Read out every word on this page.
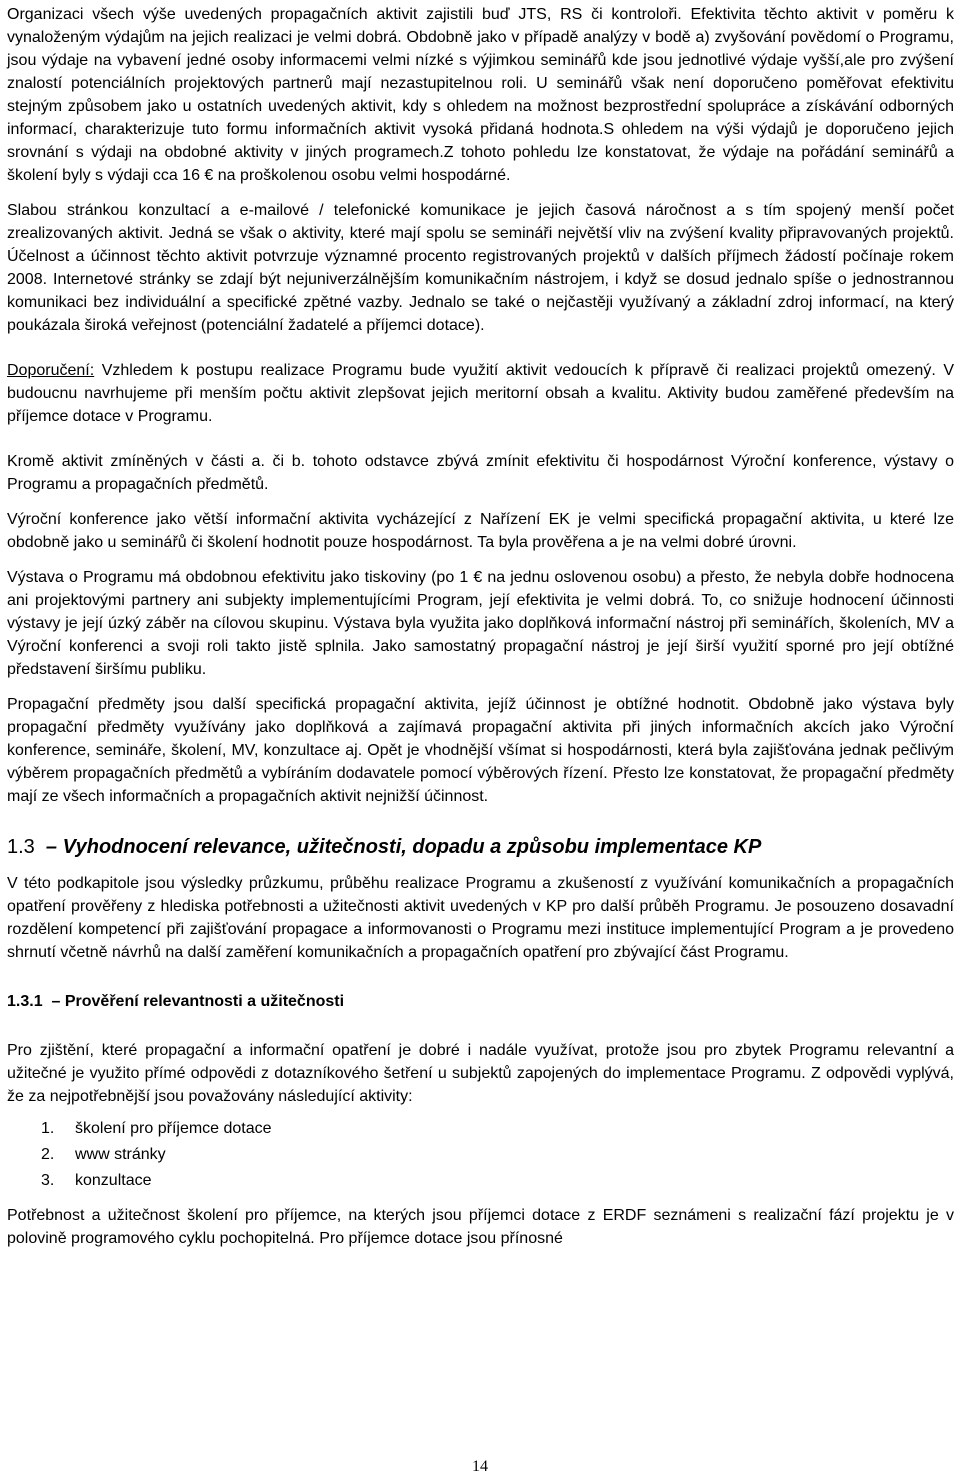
Organizaci všech výše uvedených propagačních aktivit zajistili buď JTS, RS či kontroloři. Efektivita těchto aktivit v poměru k vynaloženým výdajům na jejich realizaci je velmi dobrá. Obdobně jako v případě analýzy v bodě a) zvyšování povědomí o Programu, jsou výdaje na vybavení jedné osoby informacemi velmi nízké s výjimkou seminářů kde jsou jednotlivé výdaje vyšší,ale pro zvýšení znalostí potenciálních projektových partnerů mají nezastupitelnou roli. U seminářů však není doporučeno poměřovat efektivitu stejným způsobem jako u ostatních uvedených aktivit, kdy s ohledem na možnost bezprostřední spolupráce a získávání odborných informací, charakterizuje tuto formu informačních aktivit vysoká přidaná hodnota.S ohledem na výši výdajů je doporučeno jejich srovnání s výdaji na obdobné aktivity v jiných programech.Z tohoto pohledu lze konstatovat, že výdaje na pořádání seminářů a školení byly s výdaji cca 16 € na proškolenou osobu velmi hospodárné.

Slabou stránkou konzultací a e-mailové / telefonické komunikace je jejich časová náročnost a s tím spojený menší počet zrealizovaných aktivit. Jedná se však o aktivity, které mají spolu se semináři největší vliv na zvýšení kvality připravovaných projektů. Účelnost a účinnost těchto aktivit potvrzuje významné procento registrovaných projektů v dalších příjmech žádostí počínaje rokem 2008. Internetové stránky se zdají být nejuniverzálnějším komunikačním nástrojem, i když se dosud jednalo spíše o jednostrannou komunikaci bez individuální a specifické zpětné vazby. Jednalo se také o nejčastěji využívaný a základní zdroj informací, na který poukázala široká veřejnost (potenciální žadatelé a příjemci dotace).

Doporučení: Vzhledem k postupu realizace Programu bude využití aktivit vedoucích k přípravě či realizaci projektů omezený. V budoucnu navrhujeme při menším počtu aktivit zlepšovat jejich meritorní obsah a kvalitu. Aktivity budou zaměřené především na příjemce dotace v Programu.

Kromě aktivit zmíněných v části a. či b. tohoto odstavce zbývá zmínit efektivitu či hospodárnost Výroční konference, výstavy o Programu a propagačních předmětů.

Výroční konference jako větší informační aktivita vycházející z Nařízení EK je velmi specifická propagační aktivita, u které lze obdobně jako u seminářů či školení hodnotit pouze hospodárnost. Ta byla prověřena a je na velmi dobré úrovni.

Výstava o Programu má obdobnou efektivitu jako tiskoviny (po 1 € na jednu oslovenou osobu) a přesto, že nebyla dobře hodnocena ani projektovými partnery ani subjekty implementujícími Program, její efektivita je velmi dobrá. To, co snižuje hodnocení účinnosti výstavy je její úzký záběr na cílovou skupinu. Výstava byla využita jako doplňková informační nástroj při seminářích, školeních, MV a Výroční konferenci a svoji roli takto jistě splnila. Jako samostatný propagační nástroj je její širší využití sporné pro její obtížné představení širšímu publiku.

Propagační předměty jsou další specifická propagační aktivita, jejíž účinnost je obtížné hodnotit. Obdobně jako výstava byly propagační předměty využívány jako doplňková a zajímavá propagační aktivita při jiných informačních akcích jako Výroční konference, semináře, školení, MV, konzultace aj. Opět je vhodnější všímat si hospodárnosti, která byla zajišťována jednak pečlivým výběrem propagačních předmětů a vybíráním dodavatele pomocí výběrových řízení. Přesto lze konstatovat, že propagační předměty mají ze všech informačních a propagačních aktivit nejnižší účinnost.

1.3  – Vyhodnocení relevance, užitečnosti, dopadu a způsobu implementace KP

V této podkapitole jsou výsledky průzkumu, průběhu realizace Programu a zkušeností z využívání komunikačních a propagačních opatření prověřeny z hlediska potřebnosti a užitečnosti aktivit uvedených v KP pro další průběh Programu. Je posouzeno dosavadní rozdělení kompetencí při zajišťování propagace a informovanosti o Programu mezi instituce implementující Program a je provedeno shrnutí včetně návrhů na další zaměření komunikačních a propagačních opatření pro zbývající část Programu.

1.3.1  – Prověření relevantnosti a užitečnosti

Pro zjištění, které propagační a informační opatření je dobré i nadále využívat, protože jsou pro zbytek Programu relevantní a užitečné je využito přímé odpovědi z dotazníkového šetření u subjektů zapojených do implementace Programu. Z odpovědi vyplývá, že za nejpotřebnější jsou považovány následující aktivity:

1. školení pro příjemce dotace
2. www stránky
3. konzultace

Potřebnost a užitečnost školení pro příjemce, na kterých jsou příjemci dotace z ERDF seznámeni s realizační fází projektu je v polovině programového cyklu pochopitelná. Pro příjemce dotace jsou přínosné

14
